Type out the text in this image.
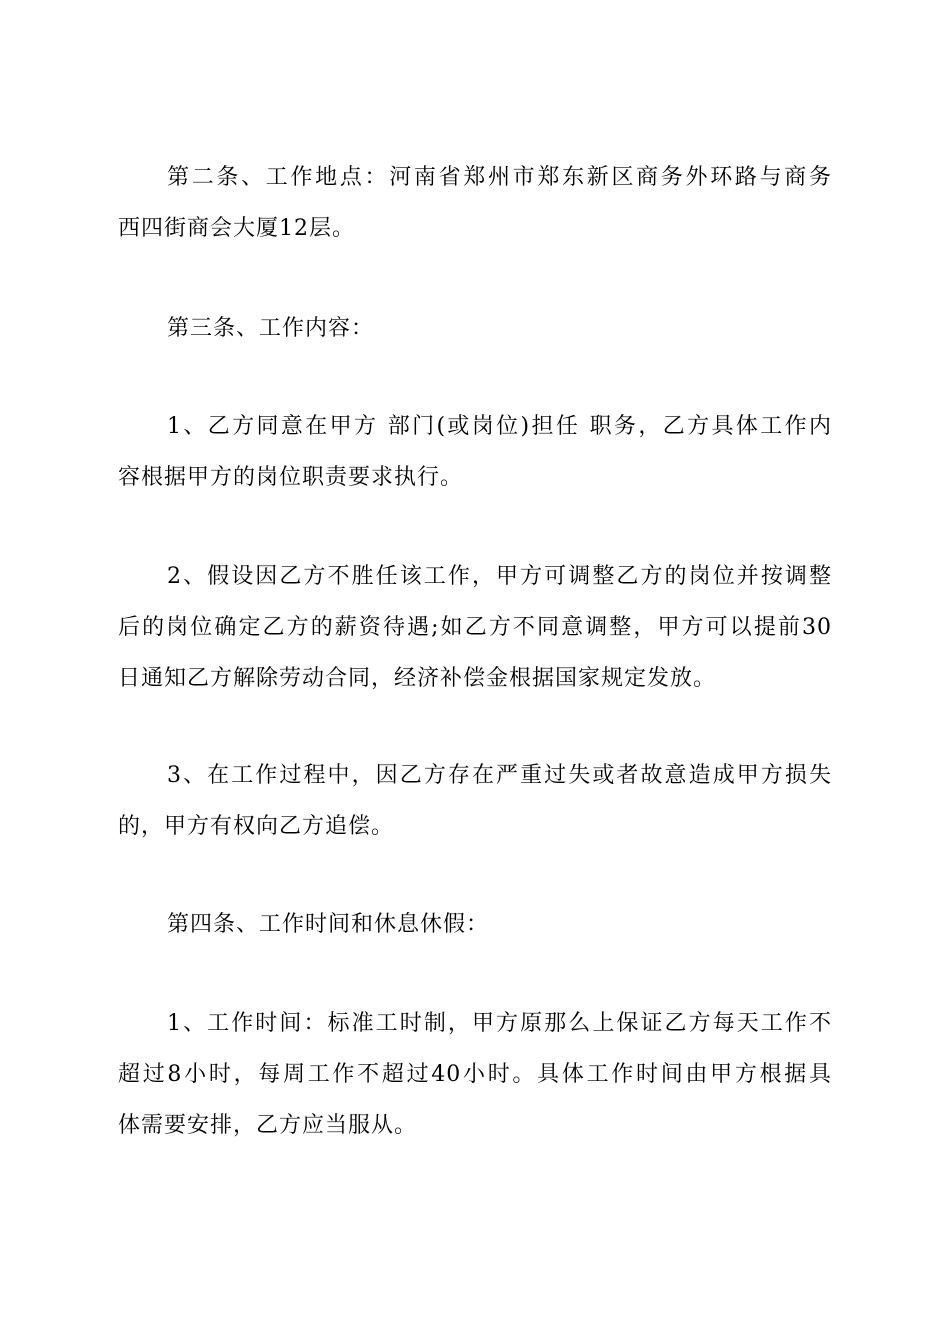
第二条、工作地点：河南省郑州市郑东新区商务外环路与商务
西四街商会大厦12层。
第三条、工作内容：
1、乙方同意在甲方 部门(或岗位)担任 职务，乙方具体工作内
容根据甲方的岗位职责要求执行。
2、假设因乙方不胜任该工作，甲方可调整乙方的岗位并按调整
后的岗位确定乙方的薪资待遇;如乙方不同意调整，甲方可以提前30
日通知乙方解除劳动合同，经济补偿金根据国家规定发放。
3、在工作过程中，因乙方存在严重过失或者故意造成甲方损失
的，甲方有权向乙方追偿。
第四条、工作时间和休息休假：
1、工作时间：标准工时制，甲方原那么上保证乙方每天工作不
超过8小时，每周工作不超过40小时。具体工作时间由甲方根据具
体需要安排，乙方应当服从。
